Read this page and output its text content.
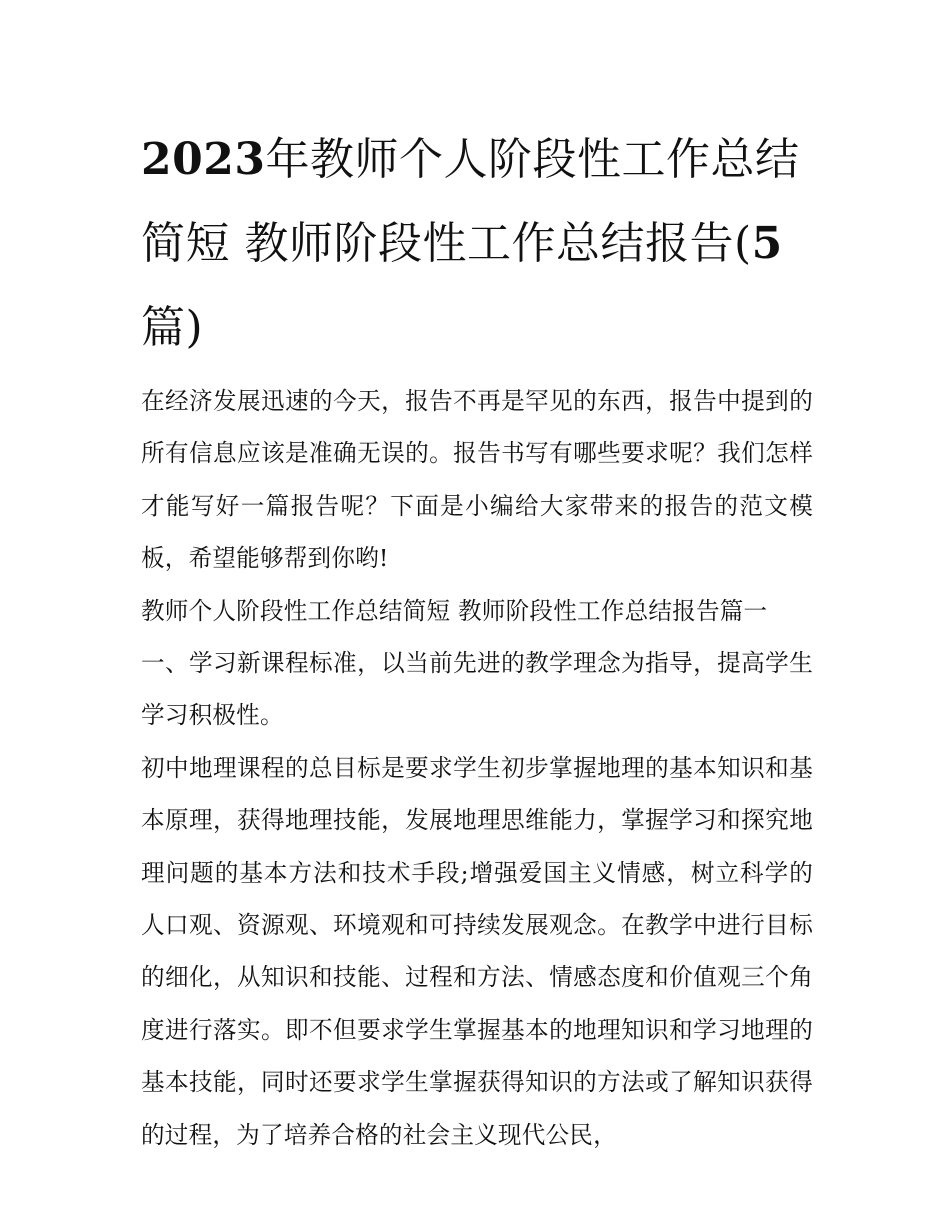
2023年教师个人阶段性工作总结简短 教师阶段性工作总结报告(5篇)

在经济发展迅速的今天，报告不再是罕见的东西，报告中提到的所有信息应该是准确无误的。报告书写有哪些要求呢？我们怎样才能写好一篇报告呢？下面是小编给大家带来的报告的范文模板，希望能够帮到你哟!

教师个人阶段性工作总结简短 教师阶段性工作总结报告篇一

一、学习新课程标准，以当前先进的教学理念为指导，提高学生学习积极性。

初中地理课程的总目标是要求学生初步掌握地理的基本知识和基本原理，获得地理技能，发展地理思维能力，掌握学习和探究地理问题的基本方法和技术手段;增强爱国主义情感，树立科学的人口观、资源观、环境观和可持续发展观念。在教学中进行目标的细化，从知识和技能、过程和方法、情感态度和价值观三个角度进行落实。即不但要求学生掌握基本的地理知识和学习地理的基本技能，同时还要求学生掌握获得知识的方法或了解知识获得的过程，为了培养合格的社会主义现代公民，
